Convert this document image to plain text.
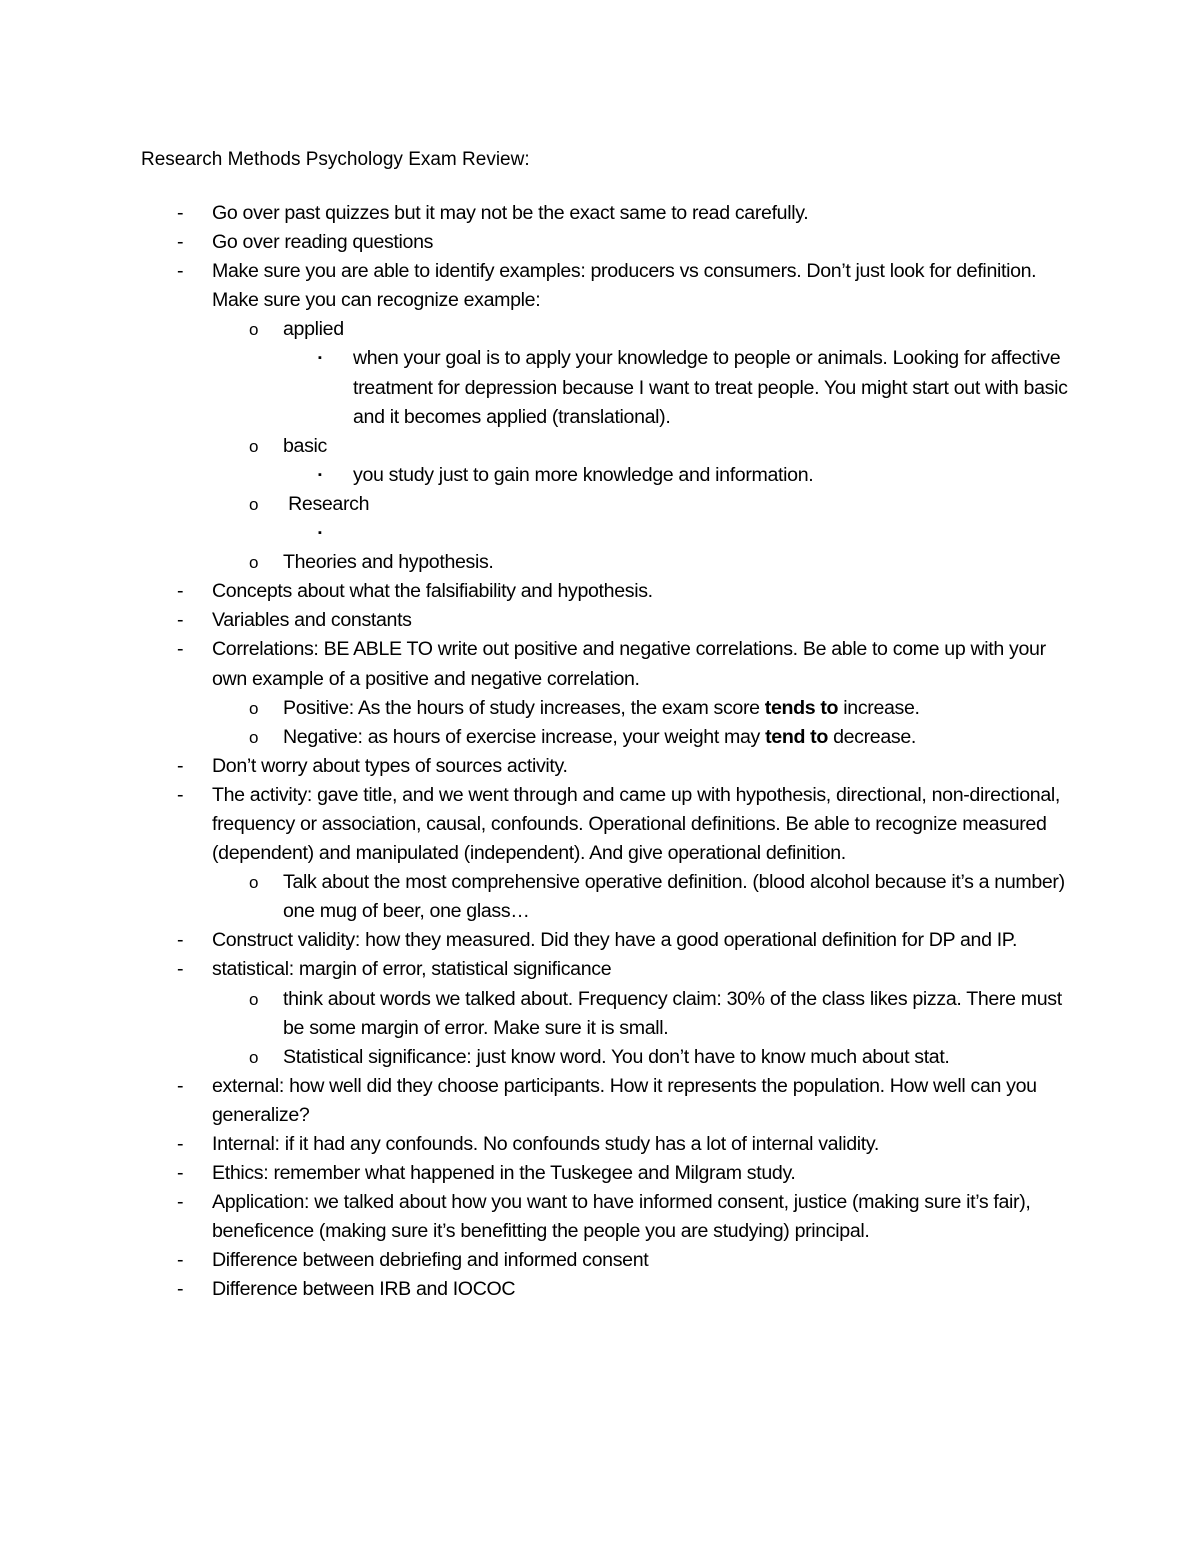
Research Methods Psychology Exam Review:
- Go over past quizzes but it may not be the exact same to read carefully.
- Go over reading questions
- Make sure you are able to identify examples: producers vs consumers. Don’t just look for definition. Make sure you can recognize example:
o applied
▪ when your goal is to apply your knowledge to people or animals. Looking for affective treatment for depression because I want to treat people. You might start out with basic and it becomes applied (translational).
o basic
▪ you study just to gain more knowledge and information.
o Research
▪
o Theories and hypothesis.
- Concepts about what the falsifiability and hypothesis.
- Variables and constants
- Correlations: BE ABLE TO write out positive and negative correlations. Be able to come up with your own example of a positive and negative correlation.
o Positive: As the hours of study increases, the exam score tends to increase.
o Negative: as hours of exercise increase, your weight may tend to decrease.
- Don’t worry about types of sources activity.
- The activity: gave title, and we went through and came up with hypothesis, directional, non-directional, frequency or association, causal, confounds. Operational definitions. Be able to recognize measured (dependent) and manipulated (independent). And give operational definition.
o Talk about the most comprehensive operative definition. (blood alcohol because it’s a number) one mug of beer, one glass…
- Construct validity: how they measured. Did they have a good operational definition for DP and IP.
- statistical: margin of error, statistical significance
o think about words we talked about. Frequency claim: 30% of the class likes pizza. There must be some margin of error. Make sure it is small.
o Statistical significance: just know word. You don’t have to know much about stat.
- external: how well did they choose participants. How it represents the population. How well can you generalize?
- Internal: if it had any confounds. No confounds study has a lot of internal validity.
- Ethics: remember what happened in the Tuskegee and Milgram study.
- Application: we talked about how you want to have informed consent, justice (making sure it’s fair), beneficence (making sure it’s benefitting the people you are studying) principal.
- Difference between debriefing and informed consent
- Difference between IRB and IOCOC
